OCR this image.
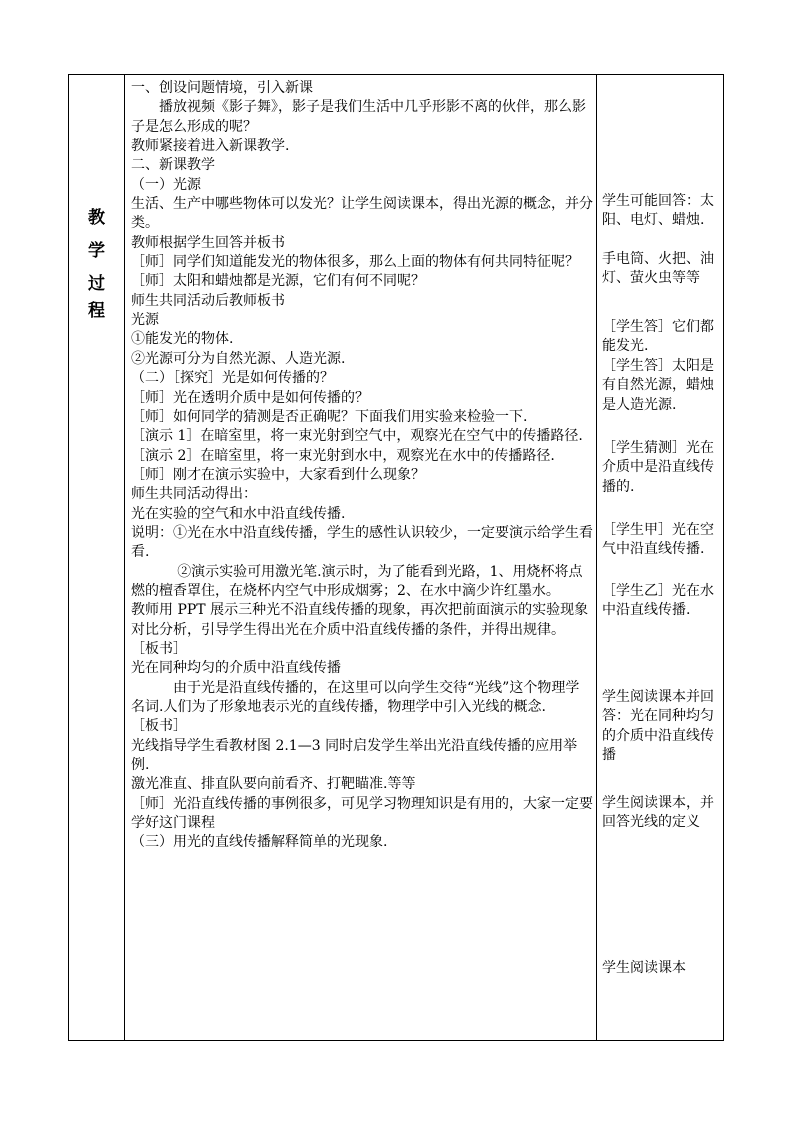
教
学
过
程

一、创设问题情境，引入新课

播放视频《影子舞》，影子是我们生活中几乎形影不离的伙伴，那么影子是怎么形成的呢？

教师紧接着进入新课教学.

二、新课教学

（一）光源

生活、生产中哪些物体可以发光？让学生阅读课本，得出光源的概念，并分类。

教师根据学生回答并板书

［师］同学们知道能发光的物体很多，那么上面的物体有何共同特征呢？

［师］太阳和蜡烛都是光源，它们有何不同呢？

师生共同活动后教师板书

光源

①能发光的物体.

②光源可分为自然光源、人造光源.

（二）［探究］光是如何传播的？

［师］光在透明介质中是如何传播的？

［师］如何同学的猜测是否正确呢？下面我们用实验来检验一下.

［演示 1］在暗室里，将一束光射到空气中，观察光在空气中的传播路径.

［演示 2］在暗室里，将一束光射到水中，观察光在水中的传播路径.

［师］刚才在演示实验中，大家看到什么现象？

师生共同活动得出：

光在实验的空气和水中沿直线传播.

说明：①光在水中沿直线传播，学生的感性认识较少，一定要演示给学生看看.

②演示实验可用激光笔.演示时，为了能看到光路，1、用烧杯将点燃的檀香罩住，在烧杯内空气中形成烟雾；2、在水中滴少许红墨水。

教师用 PPT 展示三种光不沿直线传播的现象，再次把前面演示的实验现象对比分析，引导学生得出光在介质中沿直线传播的条件，并得出规律。

［板书］

光在同种均匀的介质中沿直线传播

由于光是沿直线传播的，在这里可以向学生交待“光线”这个物理学名词.人们为了形象地表示光的直线传播，物理学中引入光线的概念.

［板书］

光线指导学生看教材图 2.1—3 同时启发学生举出光沿直线传播的应用举例.

激光准直、排直队要向前看齐、打靶瞄准.等等

［师］光沿直线传播的事例很多，可见学习物理知识是有用的，大家一定要学好这门课程

（三）用光的直线传播解释简单的光现象.

学生可能回答：太阳、电灯、蜡烛.

手电筒、火把、油灯、萤火虫等等

［学生答］它们都能发光.

［学生答］太阳是有自然光源，蜡烛是人造光源.

［学生猜测］光在介质中是沿直线传播的.

［学生甲］光在空气中沿直线传播.

［学生乙］光在水中沿直线传播.

学生阅读课本并回答：光在同种均匀的介质中沿直线传播

学生阅读课本，并回答光线的定义

学生阅读课本
